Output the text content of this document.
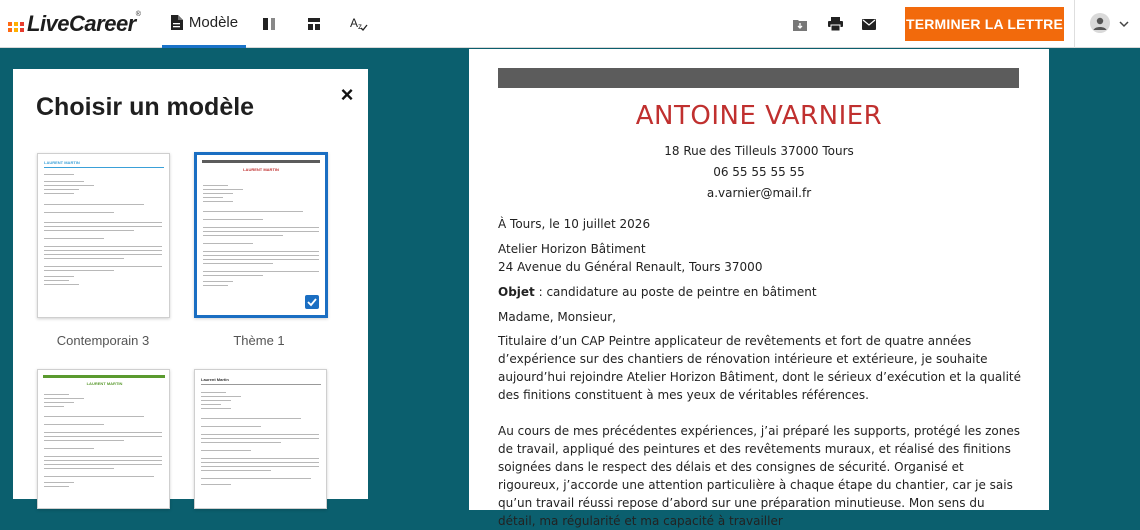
LiveCareer®	Modèle	A z	TERMINER LA LETTRE
Choisir un modèle	×
LAURENT MARTIN
Contemporain 3
LAURENT MARTIN
Thème 1
LAURENT MARTIN
Laurent Martin
ANTOINE VARNIER
18 Rue des Tilleuls 37000 Tours
06 55 55 55 55
a.varnier@mail.fr
À Tours, le 10 juillet 2026
Atelier Horizon Bâtiment
24 Avenue du Général Renault, Tours 37000
Objet : candidature au poste de peintre en bâtiment
Madame, Monsieur,
Titulaire d’un CAP Peintre applicateur de revêtements et fort de quatre années d’expérience sur des chantiers de rénovation intérieure et extérieure, je souhaite aujourd’hui rejoindre Atelier Horizon Bâtiment, dont le sérieux d’exécution et la qualité des finitions constituent à mes yeux de véritables références.
Au cours de mes précédentes expériences, j’ai préparé les supports, protégé les zones de travail, appliqué des peintures et des revêtements muraux, et réalisé des finitions soignées dans le respect des délais et des consignes de sécurité. Organisé et rigoureux, j’accorde une attention particulière à chaque étape du chantier, car je sais qu’un travail réussi repose d’abord sur une préparation minutieuse. Mon sens du détail, ma régularité et ma capacité à travailler
